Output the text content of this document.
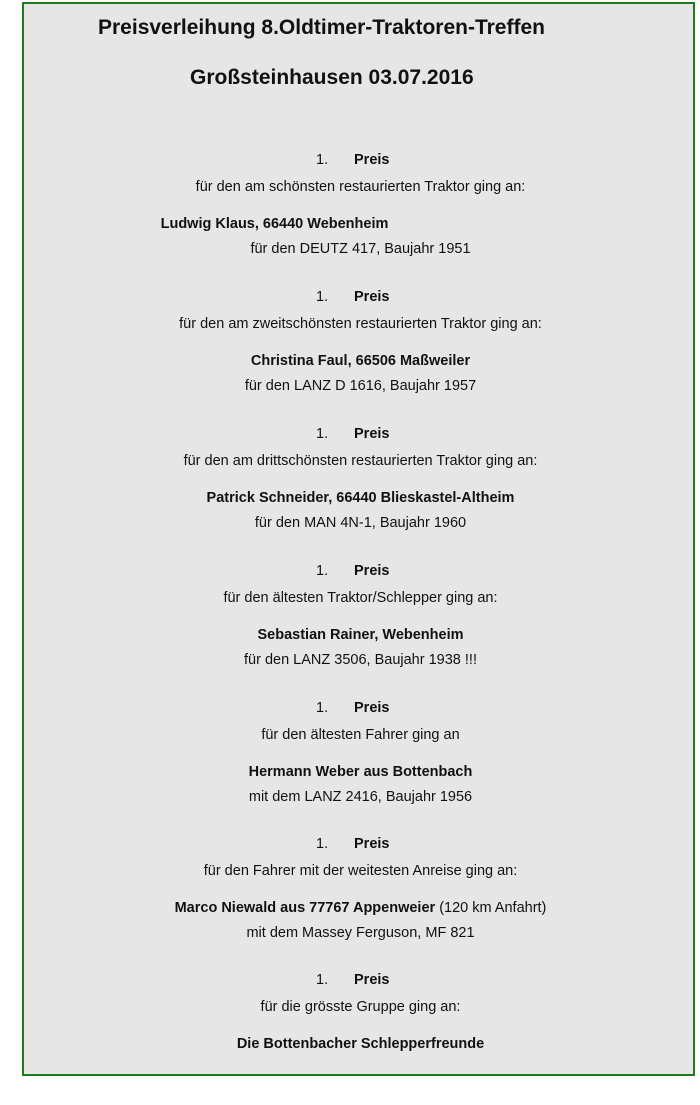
Preisverleihung 8.Oldtimer-Traktoren-Treffen
Großsteinhausen 03.07.2016
1. Preis
für den am schönsten restaurierten Traktor ging an:
Ludwig Klaus, 66440 Webenheim
für den DEUTZ 417, Baujahr 1951
1. Preis
für den am zweitschönsten restaurierten Traktor ging an:
Christina Faul, 66506 Maßweiler
für den LANZ D 1616, Baujahr 1957
1. Preis
für den am drittschönsten restaurierten Traktor ging an:
Patrick Schneider, 66440 Blieskastel-Altheim
für den MAN 4N-1, Baujahr 1960
1. Preis
für den ältesten Traktor/Schlepper ging an:
Sebastian Rainer, Webenheim
für den LANZ 3506, Baujahr 1938 !!!
1. Preis
für den ältesten Fahrer ging an
Hermann Weber aus Bottenbach
mit dem LANZ 2416, Baujahr 1956
1. Preis
für den Fahrer mit der weitesten Anreise ging an:
Marco Niewald aus 77767 Appenweier (120 km Anfahrt)
mit dem Massey Ferguson, MF 821
1. Preis
für die grösste Gruppe ging an:
Die Bottenbacher Schlepperfreunde
